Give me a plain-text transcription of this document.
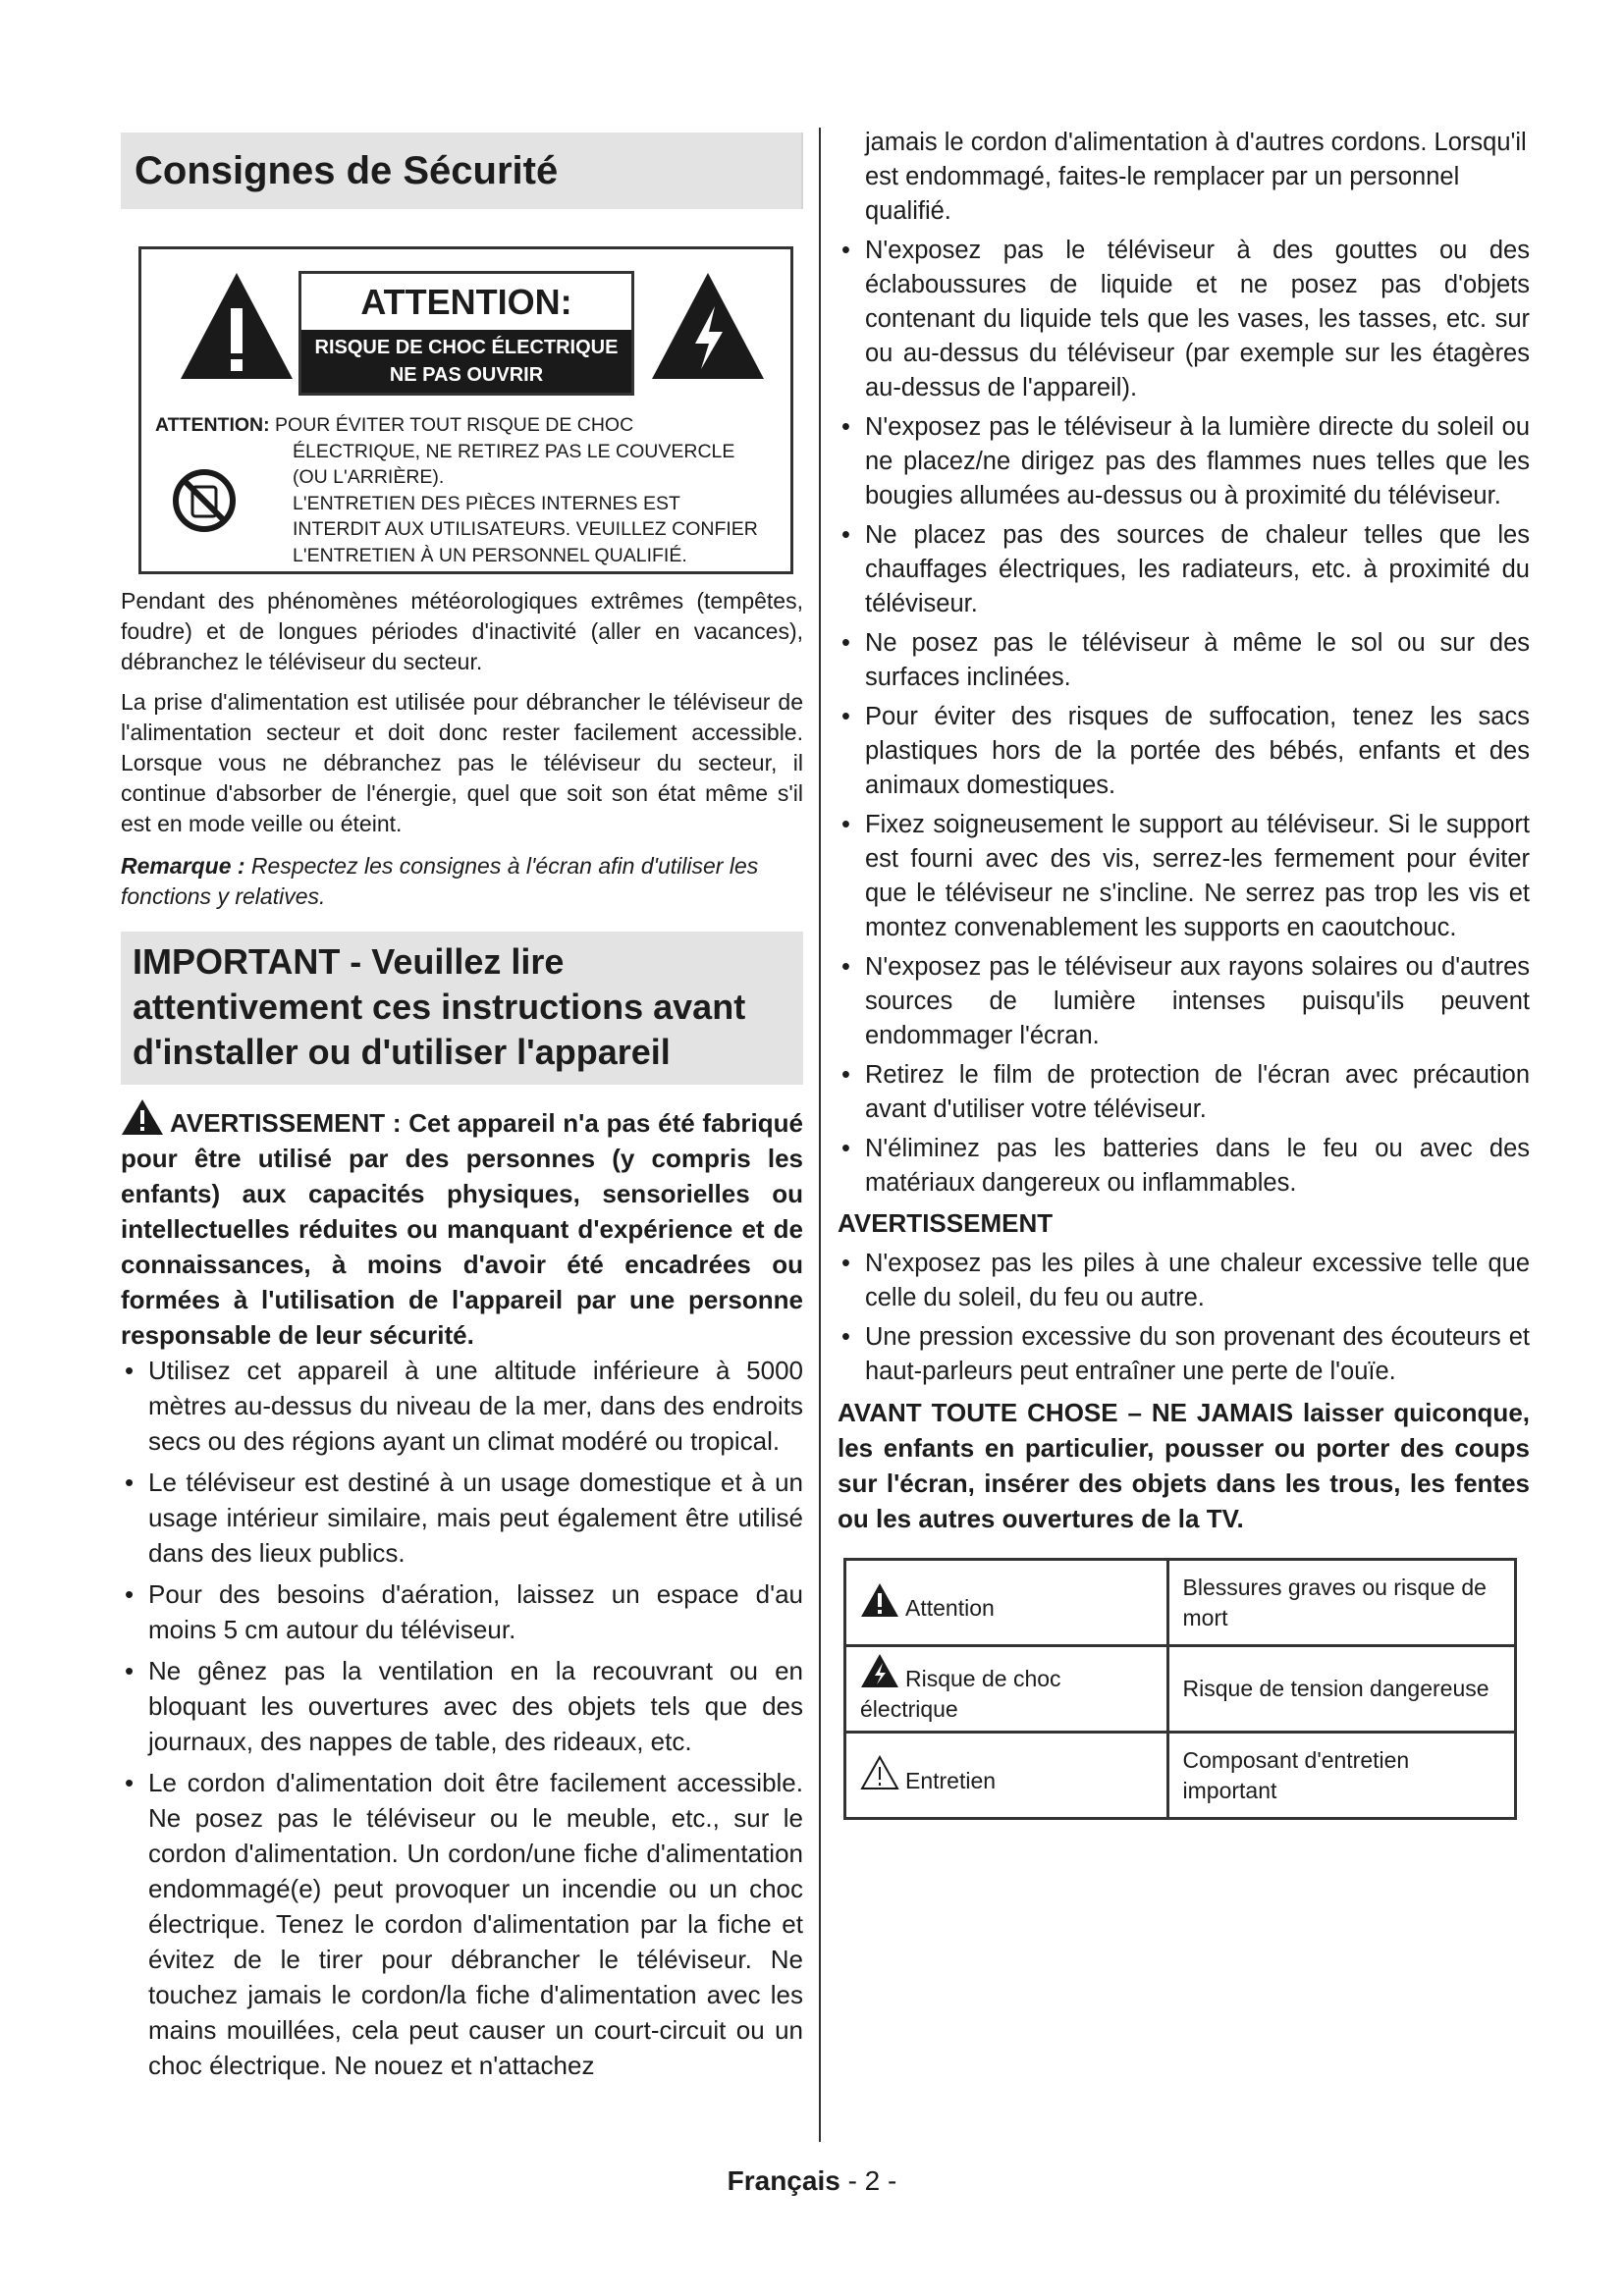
Consignes de Sécurité
ATTENTION:
RISQUE DE CHOC ÉLECTRIQUE
NE PAS OUVRIR
ATTENTION: POUR ÉVITER TOUT RISQUE DE CHOC
ÉLECTRIQUE, NE RETIREZ PAS LE COUVERCLE
(OU L'ARRIÈRE).
L'ENTRETIEN DES PIÈCES INTERNES EST
INTERDIT AUX UTILISATEURS. VEUILLEZ CONFIER
L'ENTRETIEN À UN PERSONNEL QUALIFIÉ.

Pendant des phénomènes météorologiques extrêmes (tempêtes, foudre) et de longues périodes d'inactivité (aller en vacances), débranchez le téléviseur du secteur.

La prise d'alimentation est utilisée pour débrancher le téléviseur de l'alimentation secteur et doit donc rester facilement accessible. Lorsque vous ne débranchez pas le téléviseur du secteur, il continue d'absorber de l'énergie, quel que soit son état même s'il est en mode veille ou éteint.

Remarque : Respectez les consignes à l'écran afin d'utiliser les fonctions y relatives.

IMPORTANT - Veuillez lire attentivement ces instructions avant d'installer ou d'utiliser l'appareil

AVERTISSEMENT : Cet appareil n'a pas été fabriqué pour être utilisé par des personnes (y compris les enfants) aux capacités physiques, sensorielles ou intellectuelles réduites ou manquant d'expérience et de connaissances, à moins d'avoir été encadrées ou formées à l'utilisation de l'appareil par une personne responsable de leur sécurité.

• Utilisez cet appareil à une altitude inférieure à 5000 mètres au-dessus du niveau de la mer, dans des endroits secs ou des régions ayant un climat modéré ou tropical.
• Le téléviseur est destiné à un usage domestique et à un usage intérieur similaire, mais peut également être utilisé dans des lieux publics.
• Pour des besoins d'aération, laissez un espace d'au moins 5 cm autour du téléviseur.
• Ne gênez pas la ventilation en la recouvrant ou en bloquant les ouvertures avec des objets tels que des journaux, des nappes de table, des rideaux, etc.
• Le cordon d'alimentation doit être facilement accessible. Ne posez pas le téléviseur ou le meuble, etc., sur le cordon d'alimentation. Un cordon/une fiche d'alimentation endommagé(e) peut provoquer un incendie ou un choc électrique. Tenez le cordon d'alimentation par la fiche et évitez de le tirer pour débrancher le téléviseur. Ne touchez jamais le cordon/la fiche d'alimentation avec les mains mouillées, cela peut causer un court-circuit ou un choc électrique. Ne nouez et n'attachez

jamais le cordon d'alimentation à d'autres cordons. Lorsqu'il est endommagé, faites-le remplacer par un personnel qualifié.

• N'exposez pas le téléviseur à des gouttes ou des éclaboussures de liquide et ne posez pas d'objets contenant du liquide tels que les vases, les tasses, etc. sur ou au-dessus du téléviseur (par exemple sur les étagères au-dessus de l'appareil).
• N'exposez pas le téléviseur à la lumière directe du soleil ou ne placez/ne dirigez pas des flammes nues telles que les bougies allumées au-dessus ou à proximité du téléviseur.
• Ne placez pas des sources de chaleur telles que les chauffages électriques, les radiateurs, etc. à proximité du téléviseur.
• Ne posez pas le téléviseur à même le sol ou sur des surfaces inclinées.
• Pour éviter des risques de suffocation, tenez les sacs plastiques hors de la portée des bébés, enfants et des animaux domestiques.
• Fixez soigneusement le support au téléviseur. Si le support est fourni avec des vis, serrez-les fermement pour éviter que le téléviseur ne s'incline. Ne serrez pas trop les vis et montez convenablement les supports en caoutchouc.
• N'exposez pas le téléviseur aux rayons solaires ou d'autres sources de lumière intenses puisqu'ils peuvent endommager l'écran.
• Retirez le film de protection de l'écran avec précaution avant d'utiliser votre téléviseur.
• N'éliminez pas les batteries dans le feu ou avec des matériaux dangereux ou inflammables.
AVERTISSEMENT
• N'exposez pas les piles à une chaleur excessive telle que celle du soleil, du feu ou autre.
• Une pression excessive du son provenant des écouteurs et haut-parleurs peut entraîner une perte de l'ouïe.

AVANT TOUTE CHOSE – NE JAMAIS laisser quiconque, les enfants en particulier, pousser ou porter des coups sur l'écran, insérer des objets dans les trous, les fentes ou les autres ouvertures de la TV.

Attention	Blessures graves ou risque de mort
Risque de choc électrique	Risque de tension dangereuse
Entretien	Composant d'entretien important
Français - 2 -
